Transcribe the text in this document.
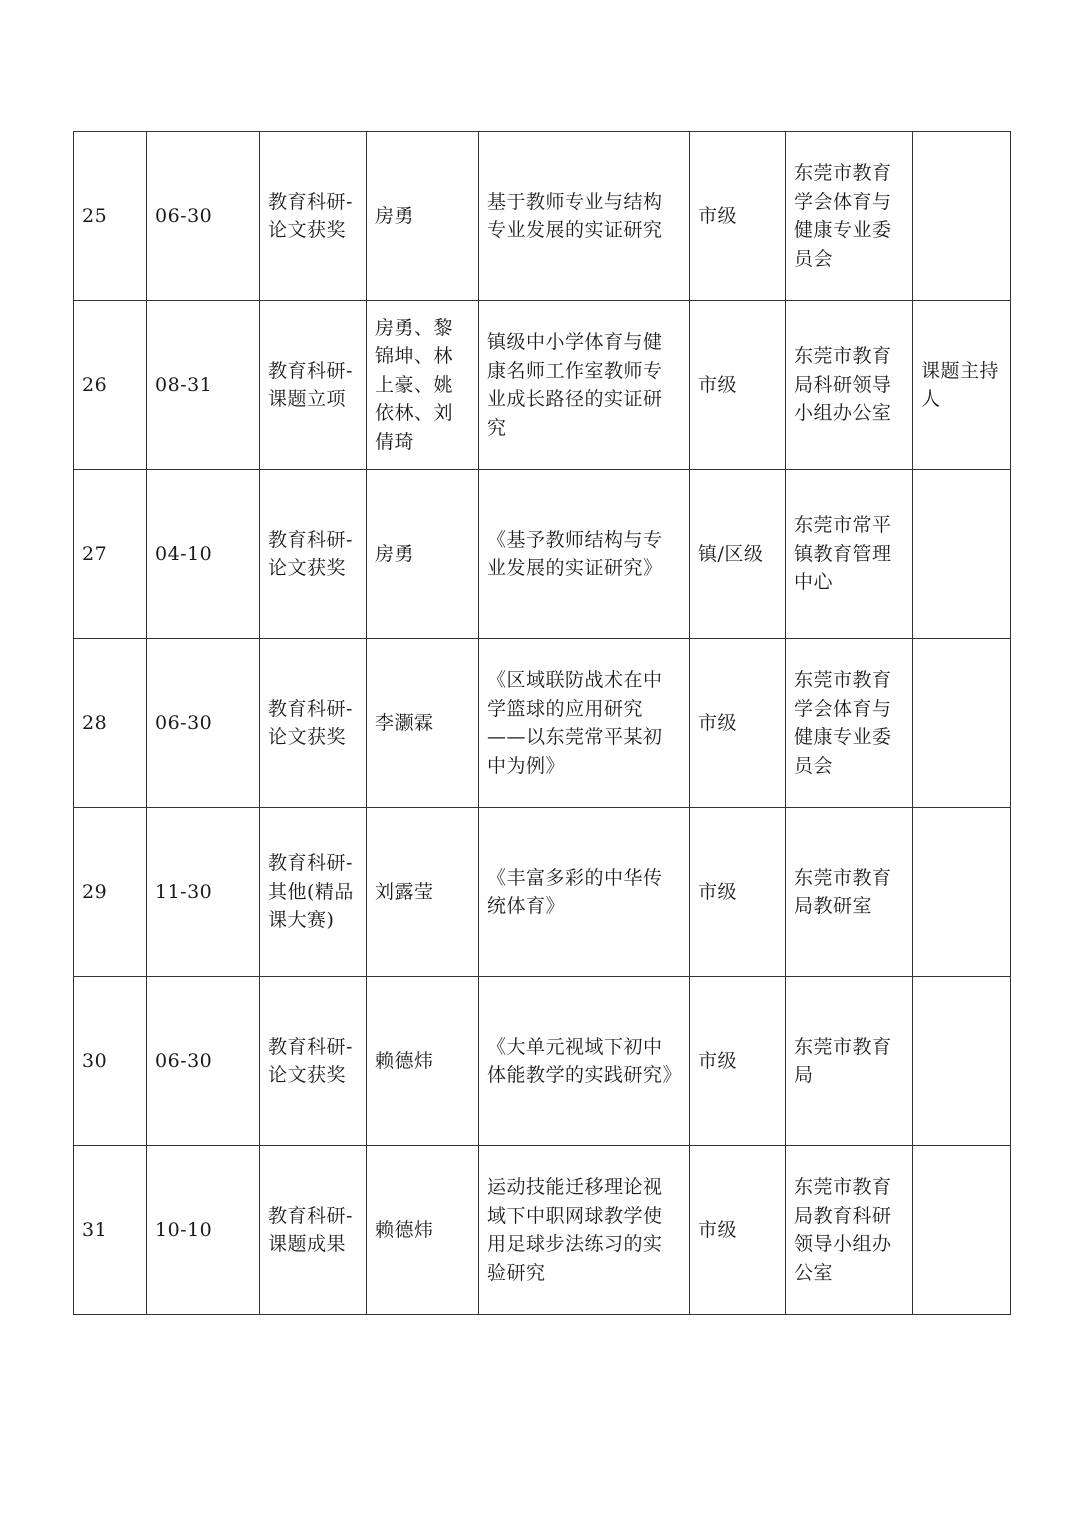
25	06-30	教育科研-论文获奖	房勇	基于教师专业与结构专业发展的实证研究	市级	东莞市教育学会体育与健康专业委员会	
26	08-31	教育科研-课题立项	房勇、黎锦坤、林上豪、姚依林、刘倩琦	镇级中小学体育与健康名师工作室教师专业成长路径的实证研究	市级	东莞市教育局科研领导小组办公室	课题主持人
27	04-10	教育科研-论文获奖	房勇	《基予教师结构与专业发展的实证研究》	镇/区级	东莞市常平镇教育管理中心	
28	06-30	教育科研-论文获奖	李灏霖	《区域联防战术在中学篮球的应用研究——以东莞常平某初中为例》	市级	东莞市教育学会体育与健康专业委员会	
29	11-30	教育科研-其他(精品课大赛)	刘露莹	《丰富多彩的中华传统体育》	市级	东莞市教育局教研室	
30	06-30	教育科研-论文获奖	赖德炜	《大单元视域下初中体能教学的实践研究》	市级	东莞市教育局	
31	10-10	教育科研-课题成果	赖德炜	运动技能迁移理论视域下中职网球教学使用足球步法练习的实验研究	市级	东莞市教育局教育科研领导小组办公室	
